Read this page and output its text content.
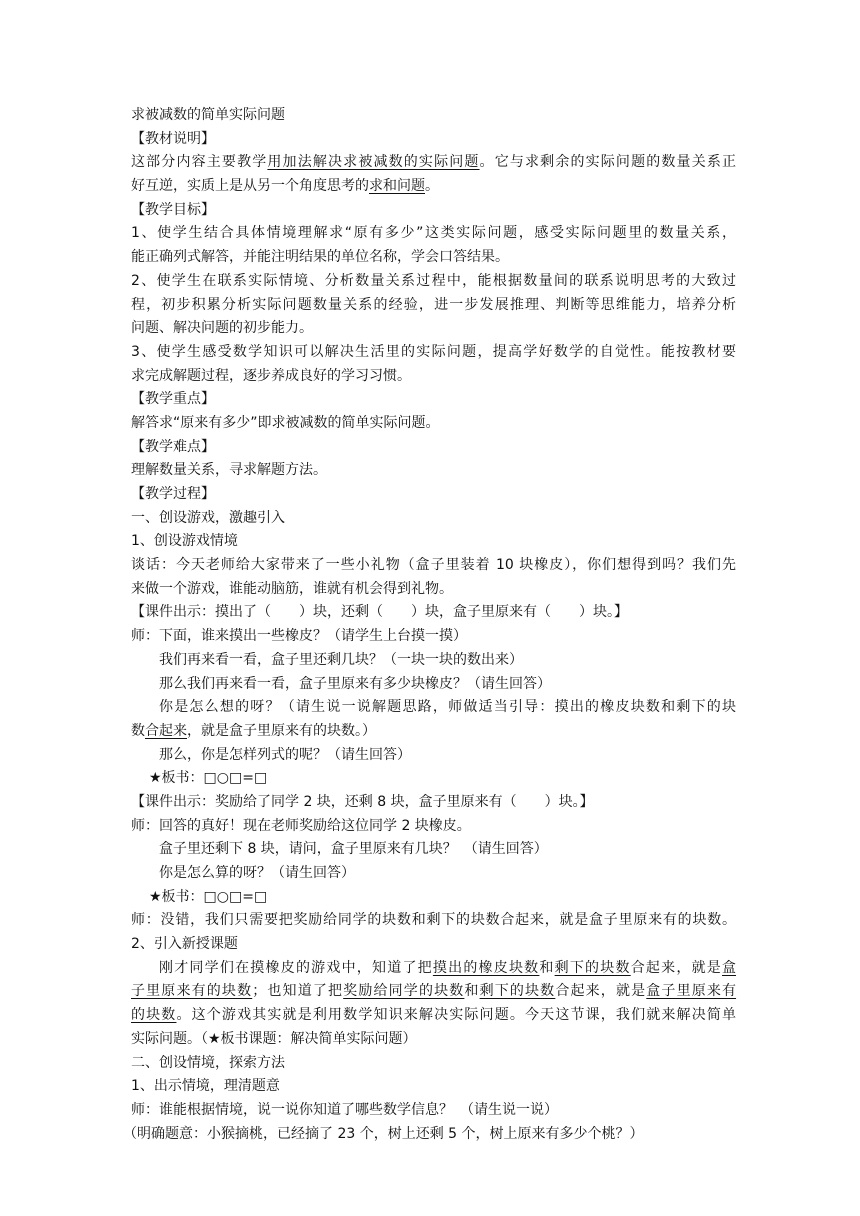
求被减数的简单实际问题
【教材说明】
这部分内容主要教学用加法解决求被减数的实际问题。它与求剩余的实际问题的数量关系正
好互逆，实质上是从另一个角度思考的求和问题。
【教学目标】
1、使学生结合具体情境理解求“原有多少”这类实际问题，感受实际问题里的数量关系，
能正确列式解答，并能注明结果的单位名称，学会口答结果。
2、使学生在联系实际情境、分析数量关系过程中，能根据数量间的联系说明思考的大致过
程，初步积累分析实际问题数量关系的经验，进一步发展推理、判断等思维能力，培养分析
问题、解决问题的初步能力。
3、使学生感受数学知识可以解决生活里的实际问题，提高学好数学的自觉性。能按教材要
求完成解题过程，逐步养成良好的学习习惯。
【教学重点】
解答求“原来有多少”即求被减数的简单实际问题。
【教学难点】
理解数量关系，寻求解题方法。
【教学过程】
一、创设游戏，激趣引入
1、创设游戏情境
谈话：今天老师给大家带来了一些小礼物（盒子里装着 10 块橡皮），你们想得到吗？我们先
来做一个游戏，谁能动脑筋，谁就有机会得到礼物。
【课件出示：摸出了（　　）块，还剩（　　）块，盒子里原来有（　　）块。】
师：下面，谁来摸出一些橡皮？（请学生上台摸一摸）
我们再来看一看，盒子里还剩几块？（一块一块的数出来）
那么我们再来看一看，盒子里原来有多少块橡皮？（请生回答）
你是怎么想的呀？（请生说一说解题思路，师做适当引导：摸出的橡皮块数和剩下的块
数合起来，就是盒子里原来有的块数。）
那么，你是怎样列式的呢？（请生回答）
★板书：□○□=□
【课件出示：奖励给了同学 2 块，还剩 8 块，盒子里原来有（　　）块。】
师：回答的真好！现在老师奖励给这位同学 2 块橡皮。
盒子里还剩下 8 块，请问，盒子里原来有几块？　（请生回答）
你是怎么算的呀？（请生回答）
★板书：□○□=□
师：没错，我们只需要把奖励给同学的块数和剩下的块数合起来，就是盒子里原来有的块数。
2、引入新授课题
刚才同学们在摸橡皮的游戏中，知道了把摸出的橡皮块数和剩下的块数合起来，就是盒
子里原来有的块数；也知道了把奖励给同学的块数和剩下的块数合起来，就是盒子里原来有
的块数。这个游戏其实就是利用数学知识来解决实际问题。今天这节课，我们就来解决简单
实际问题。（★板书课题：解决简单实际问题）
二、创设情境，探索方法
1、出示情境，理清题意
师：谁能根据情境，说一说你知道了哪些数学信息？　（请生说一说）
（明确题意：小猴摘桃，已经摘了 23 个，树上还剩 5 个，树上原来有多少个桃？）
